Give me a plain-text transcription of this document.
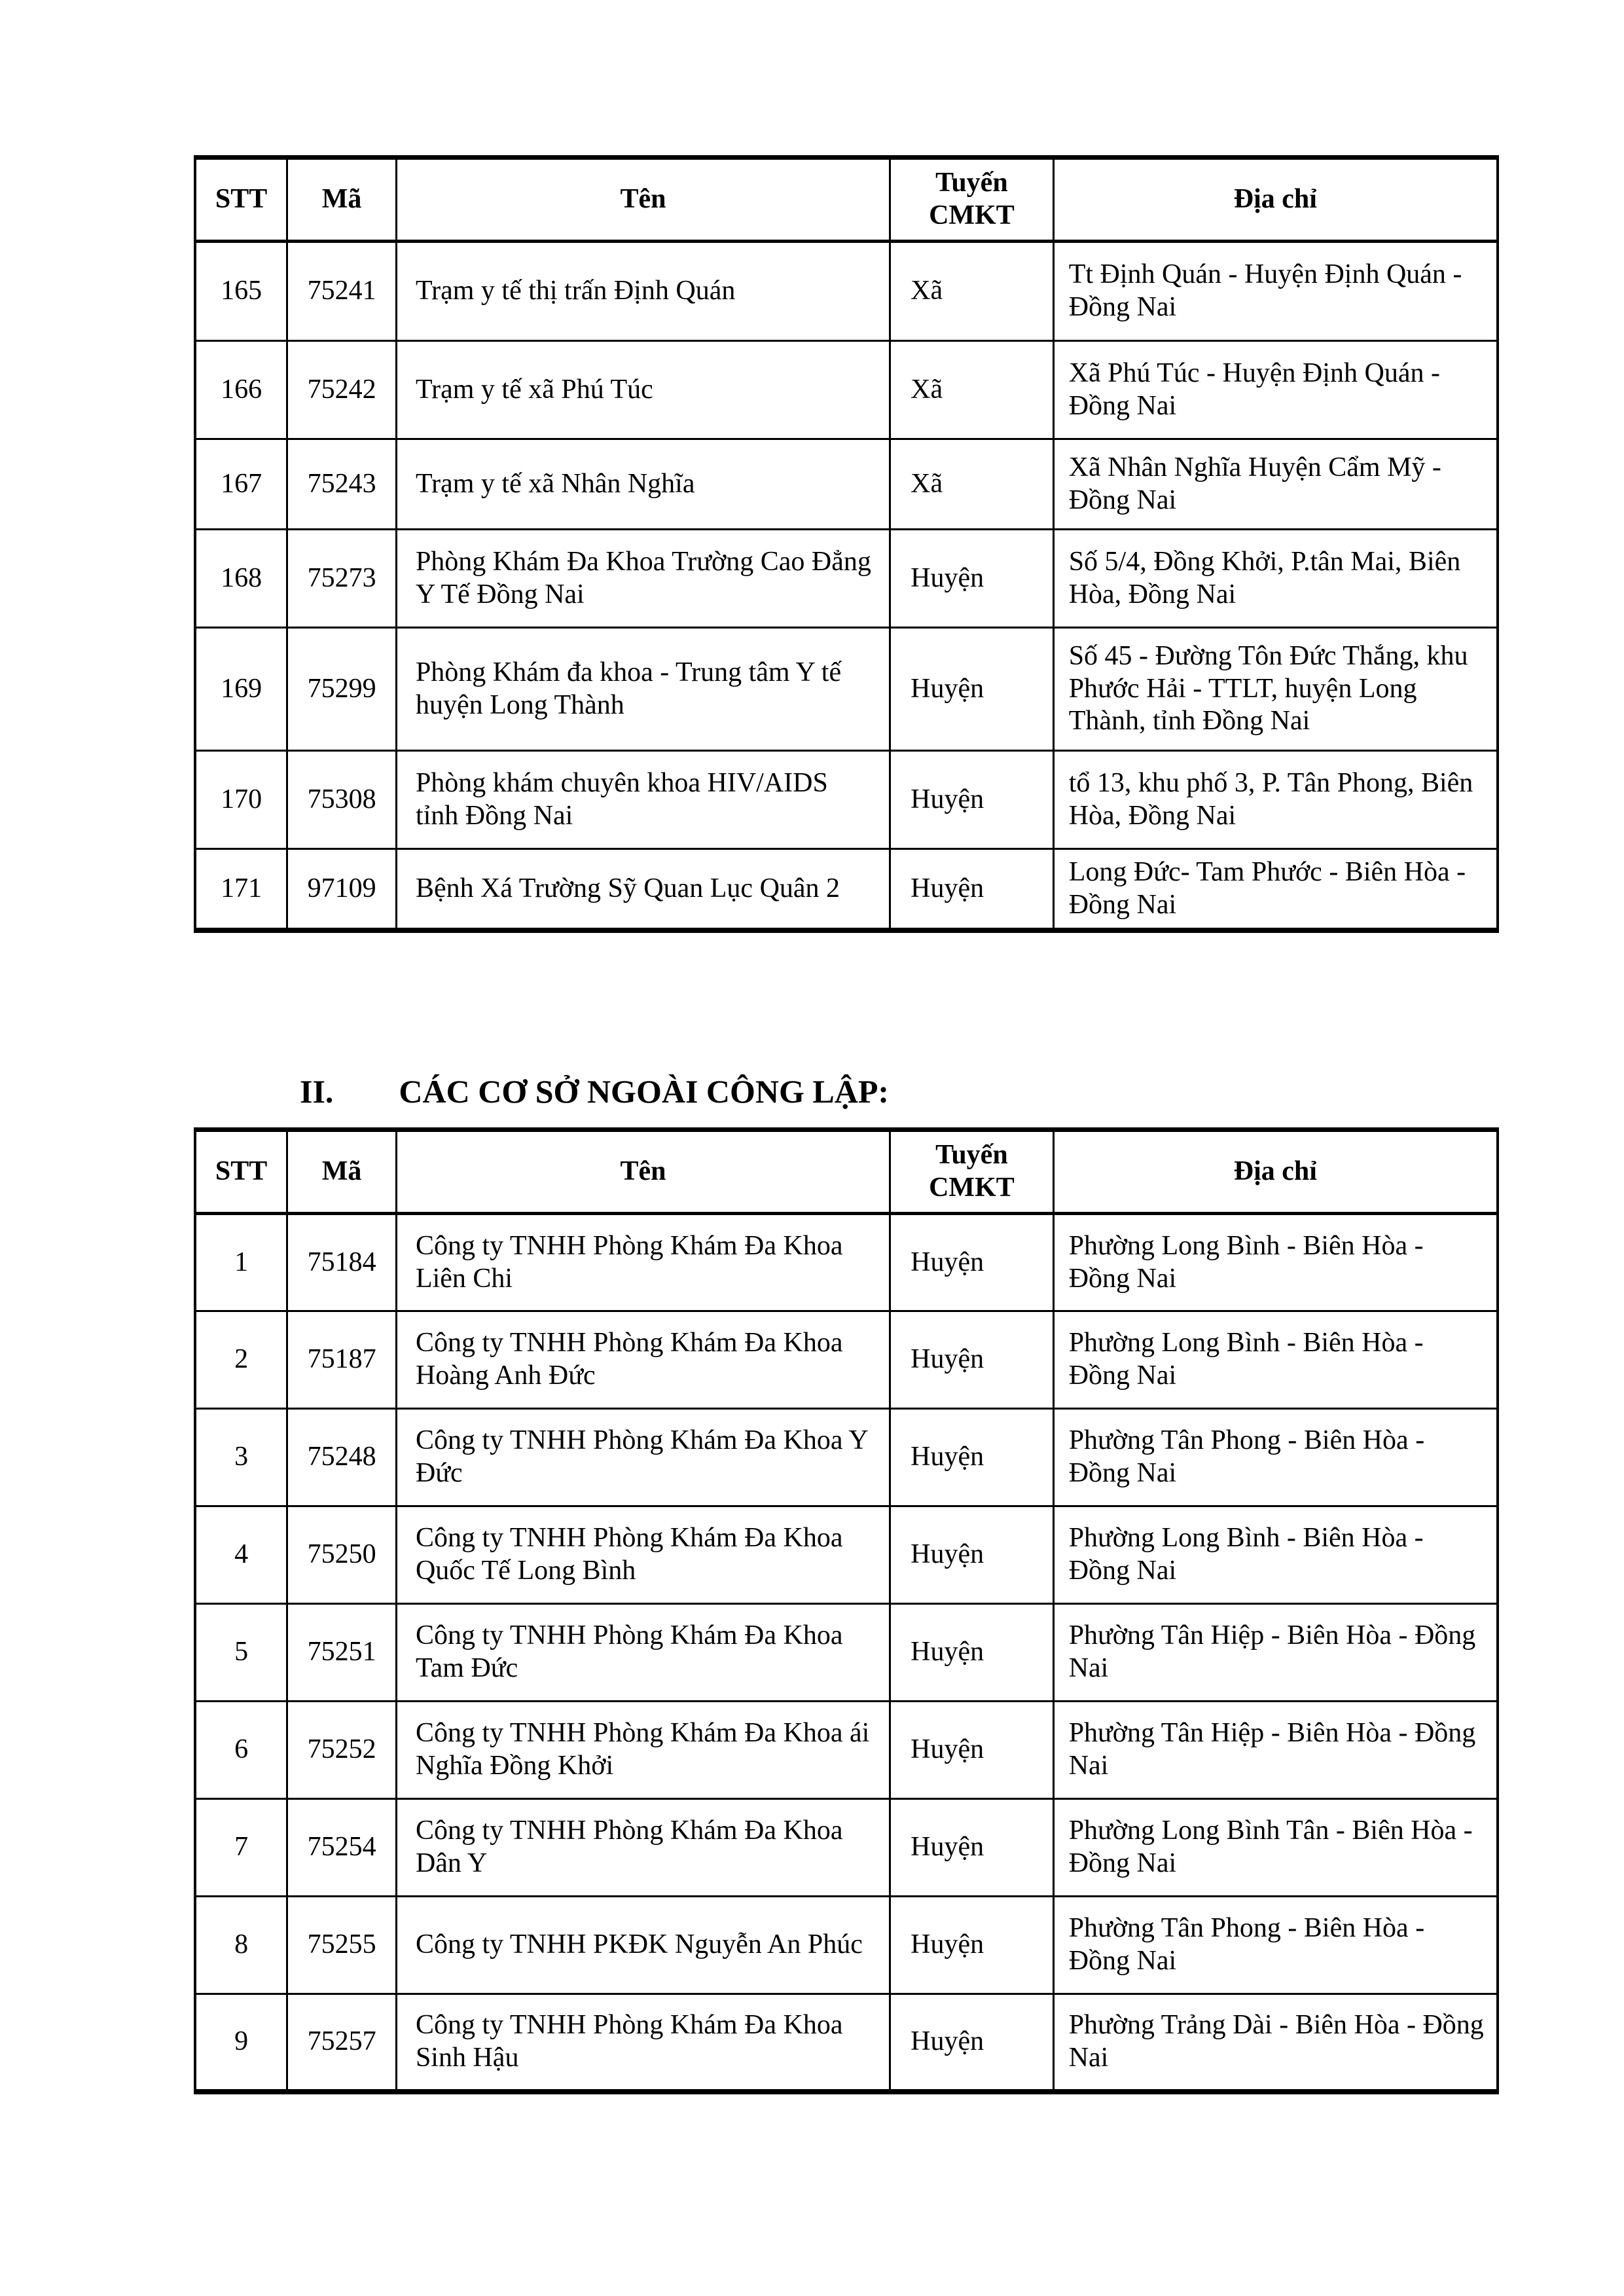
STT	Mã	Tên	Tuyến CMKT	Địa chỉ
165	75241	Trạm y tế thị trấn Định Quán	Xã	Tt Định Quán - Huyện Định Quán - Đồng Nai
166	75242	Trạm y tế xã Phú Túc	Xã	Xã Phú Túc - Huyện Định Quán - Đồng Nai
167	75243	Trạm y tế xã Nhân Nghĩa	Xã	Xã Nhân Nghĩa Huyện Cẩm Mỹ - Đồng Nai
168	75273	Phòng Khám Đa Khoa Trường Cao Đẳng Y Tế Đồng Nai	Huyện	Số 5/4, Đồng Khởi, P.tân Mai, Biên Hòa, Đồng Nai
169	75299	Phòng Khám đa khoa - Trung tâm Y tế huyện Long Thành	Huyện	Số 45 - Đường Tôn Đức Thắng, khu Phước Hải - TTLT, huyện Long Thành, tỉnh Đồng Nai
170	75308	Phòng khám chuyên khoa HIV/AIDS tỉnh Đồng Nai	Huyện	tổ 13, khu phố 3, P. Tân Phong, Biên Hòa, Đồng Nai
171	97109	Bệnh Xá Trường Sỹ Quan Lục Quân 2	Huyện	Long Đức- Tam Phước - Biên Hòa - Đồng Nai
II. CÁC CƠ SỞ NGOÀI CÔNG LẬP:
STT	Mã	Tên	Tuyến CMKT	Địa chỉ
1	75184	Công ty TNHH Phòng Khám Đa Khoa Liên Chi	Huyện	Phường Long Bình - Biên Hòa - Đồng Nai
2	75187	Công ty TNHH Phòng Khám Đa Khoa Hoàng Anh Đức	Huyện	Phường Long Bình - Biên Hòa - Đồng Nai
3	75248	Công ty TNHH Phòng Khám Đa Khoa Y Đức	Huyện	Phường Tân Phong - Biên Hòa - Đồng Nai
4	75250	Công ty TNHH Phòng Khám Đa Khoa Quốc Tế Long Bình	Huyện	Phường Long Bình - Biên Hòa - Đồng Nai
5	75251	Công ty TNHH Phòng Khám Đa Khoa Tam Đức	Huyện	Phường Tân Hiệp - Biên Hòa - Đồng Nai
6	75252	Công ty TNHH Phòng Khám Đa Khoa ái Nghĩa Đồng Khởi	Huyện	Phường Tân Hiệp - Biên Hòa - Đồng Nai
7	75254	Công ty TNHH Phòng Khám Đa Khoa Dân Y	Huyện	Phường Long Bình Tân - Biên Hòa - Đồng Nai
8	75255	Công ty TNHH PKĐK Nguyễn An Phúc	Huyện	Phường Tân Phong - Biên Hòa - Đồng Nai
9	75257	Công ty TNHH Phòng Khám Đa Khoa Sinh Hậu	Huyện	Phường Trảng Dài - Biên Hòa - Đồng Nai
